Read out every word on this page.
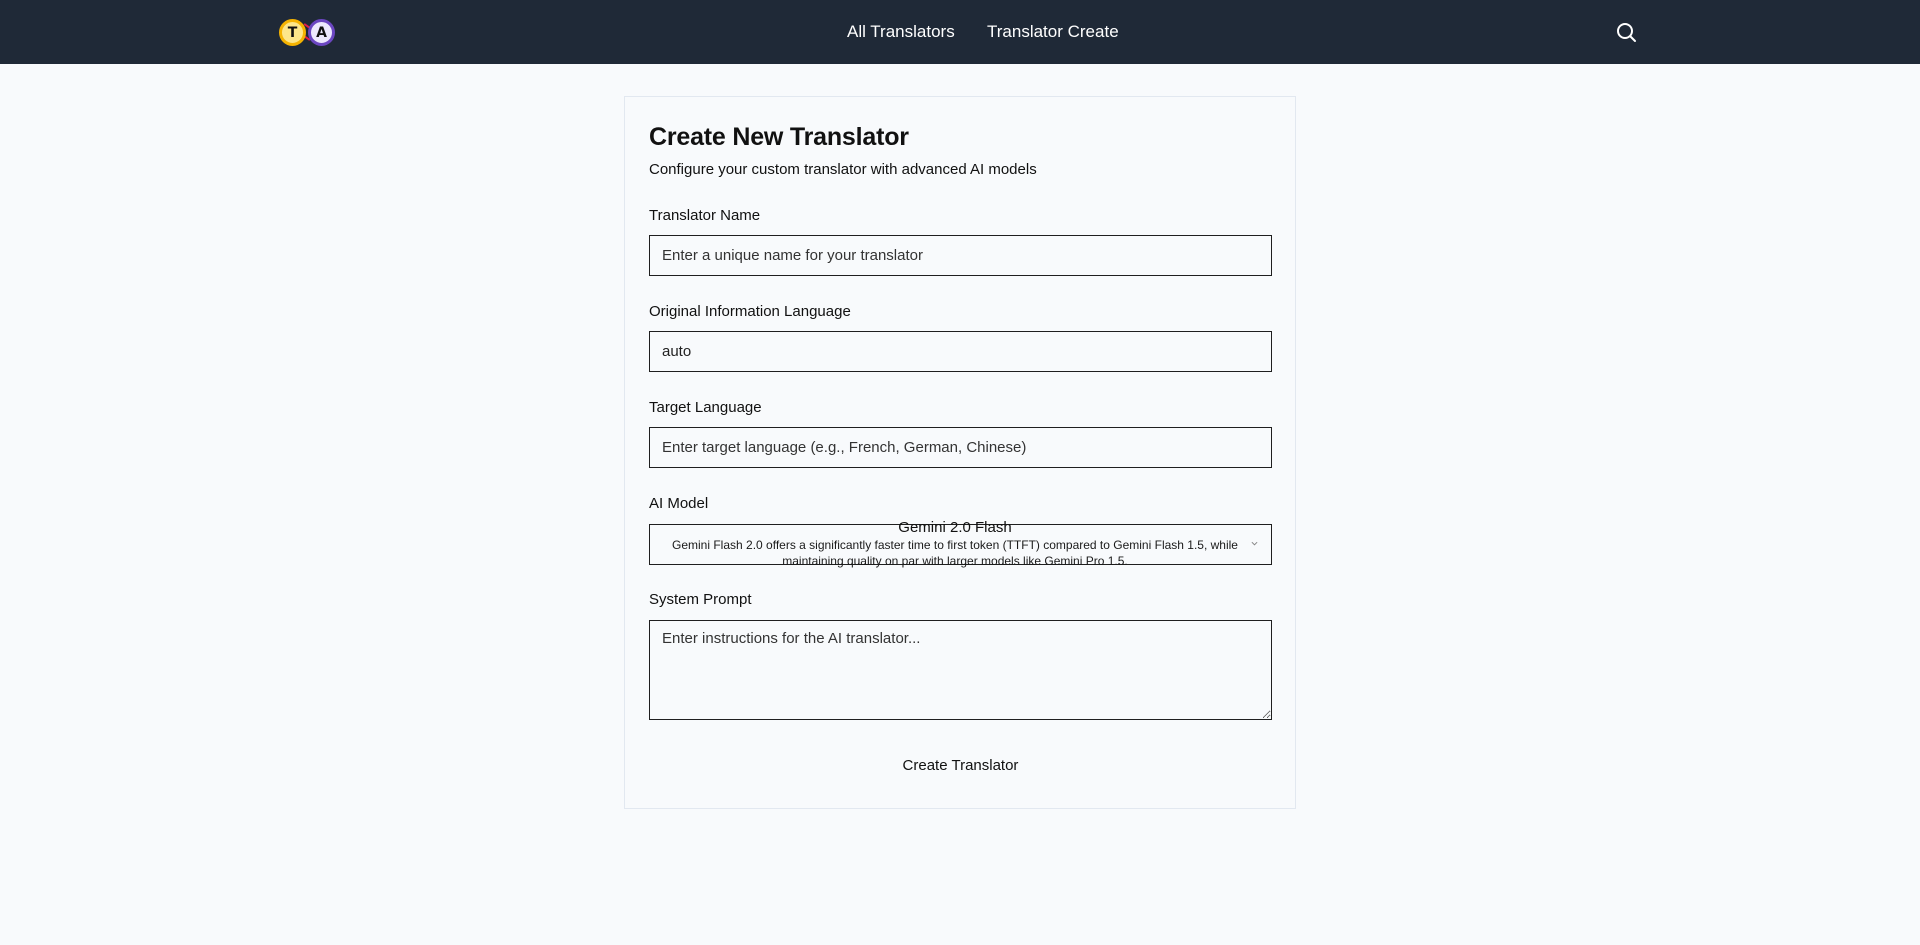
T	A	All Translators Translator Create
Create New Translator

Configure your custom translator with advanced AI models

Translator Name
Enter a unique name for your translator
Original Information Language
auto
Target Language
Enter target language (e.g., French, German, Chinese)
AI Model
Gemini 2.0 Flash
Gemini Flash 2.0 offers a significantly faster time to first token (TTFT) compared to Gemini Flash 1.5, while maintaining quality on par with larger models like Gemini Pro 1.5.
System Prompt
Enter instructions for the AI translator...
Create Translator
